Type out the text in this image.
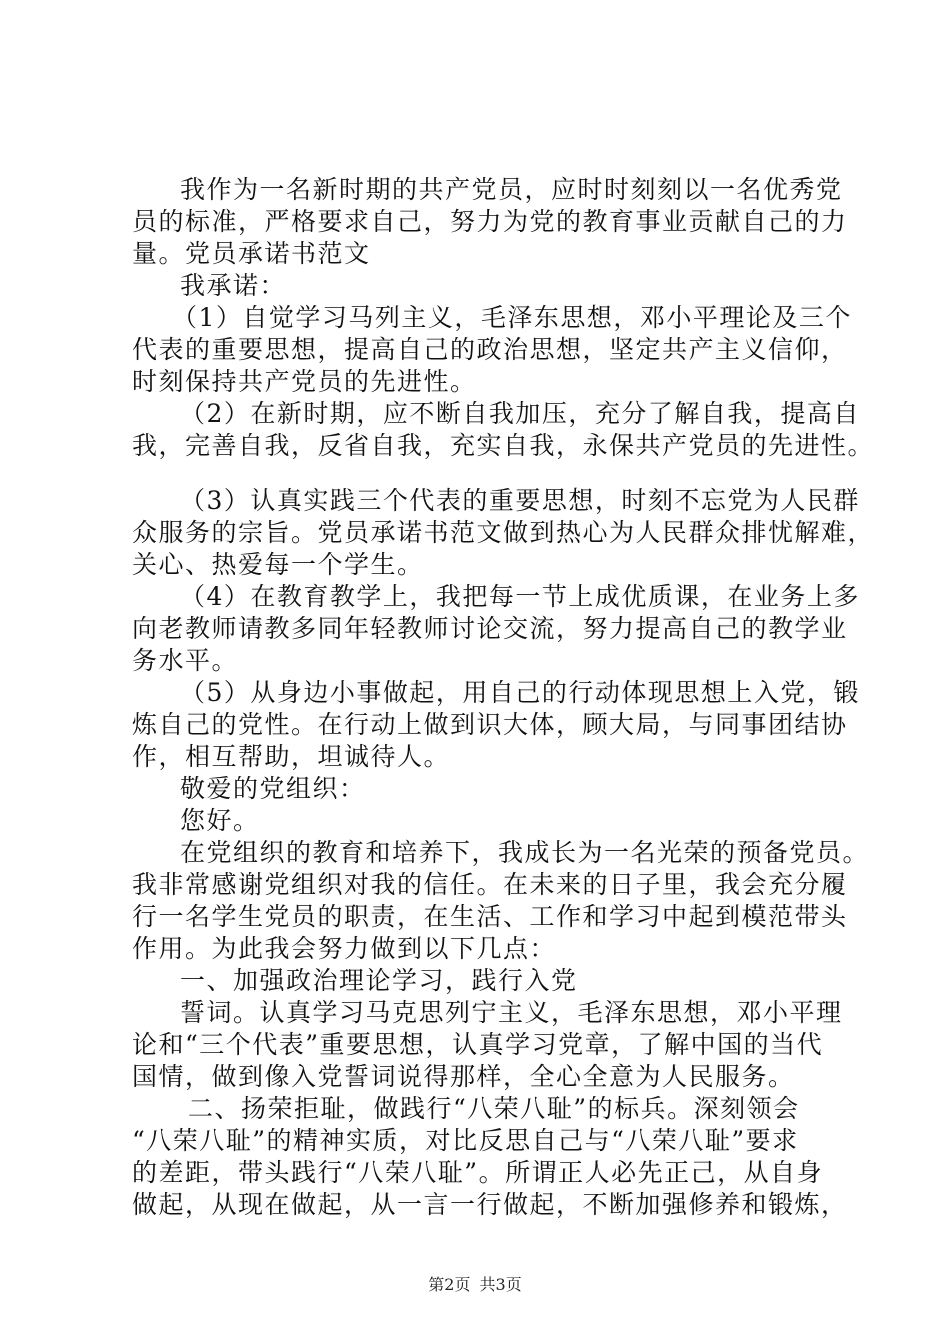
我作为一名新时期的共产党员，应时时刻刻以一名优秀党
员的标准，严格要求自己，努力为党的教育事业贡献自己的力
量。党员承诺书范文
我承诺：
（1）自觉学习马列主义，毛泽东思想，邓小平理论及三个
代表的重要思想，提高自己的政治思想，坚定共产主义信仰，
时刻保持共产党员的先进性。
（2）在新时期，应不断自我加压，充分了解自我，提高自
我，完善自我，反省自我，充实自我，永保共产党员的先进性。
（3）认真实践三个代表的重要思想，时刻不忘党为人民群
众服务的宗旨。党员承诺书范文做到热心为人民群众排忧解难，
关心、热爱每一个学生。
（4）在教育教学上，我把每一节上成优质课，在业务上多
向老教师请教多同年轻教师讨论交流，努力提高自己的教学业
务水平。
（5）从身边小事做起，用自己的行动体现思想上入党，锻
炼自己的党性。在行动上做到识大体，顾大局，与同事团结协
作，相互帮助，坦诚待人。
敬爱的党组织：
您好。
在党组织的教育和培养下，我成长为一名光荣的预备党员。
我非常感谢党组织对我的信任。在未来的日子里，我会充分履
行一名学生党员的职责，在生活、工作和学习中起到模范带头
作用。为此我会努力做到以下几点：
一、加强政治理论学习，践行入党
誓词。认真学习马克思列宁主义，毛泽东思想，邓小平理
论和“三个代表”重要思想，认真学习党章，了解中国的当代
国情，做到像入党誓词说得那样，全心全意为人民服务。
二、扬荣拒耻，做践行“八荣八耻”的标兵。深刻领会
“八荣八耻”的精神实质，对比反思自己与“八荣八耻”要求
的差距，带头践行“八荣八耻”。所谓正人必先正己，从自身
做起，从现在做起，从一言一行做起，不断加强修养和锻炼，
第2页 共3页
